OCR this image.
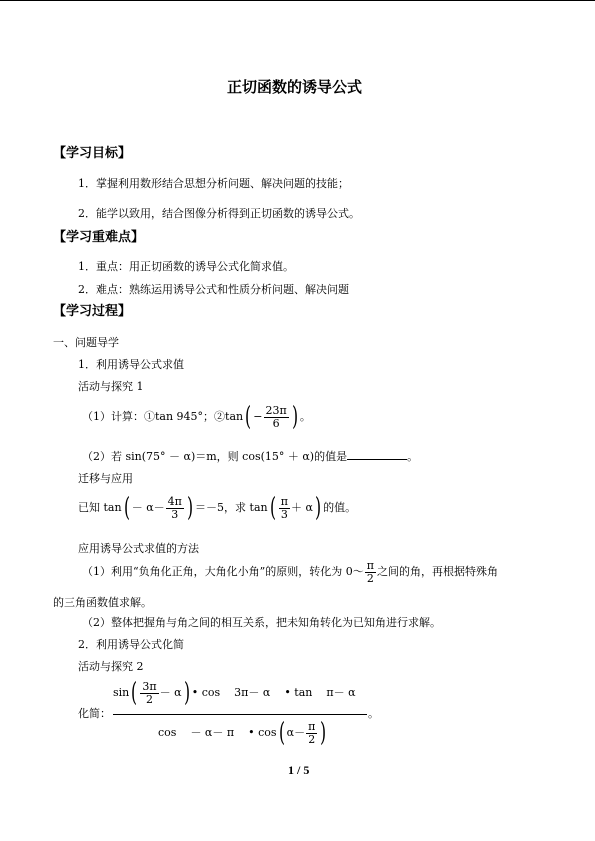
正切函数的诱导公式
【学习目标】
1．掌握利用数形结合思想分析问题、解决问题的技能；
2．能学以致用，结合图像分析得到正切函数的诱导公式。
【学习重难点】
1．重点：用正切函数的诱导公式化简求值。
2．难点：熟练运用诱导公式和性质分析问题、解决问题
【学习过程】
一、问题导学
1．利用诱导公式求值
活动与探究 1
（1）计算：①tan 945°；②tan( − $\frac{23\pi}{6}$ ) 。
（2）若 sin(75° － α)＝m，则 cos(15° ＋ α)的值是	。
迁移与应用
已知 $\tan( - \alpha- \frac{4\pi}{3}$ ) ＝－5，求 $\tan( \frac{\pi}{3} + \alpha)$ 的值。
应用诱导公式求值的方法
（1）利用“负角化正角，大角化小角”的原则，转化为 0～ $\frac{\pi}{2}$ 之间的角，再根据特殊角
的三角函数值求解。
（2）整体把握角与角之间的相互关系，把未知角转化为已知角进行求解。
2．利用诱导公式化简
活动与探究 2
化简：
$\sin( \frac{3\pi}{2} - \alpha)$ • cos 3π－ α • tan π－ α
。
cos － α－ π • cos( $\alpha- \frac{\pi}{2}$ )
1 / 5
